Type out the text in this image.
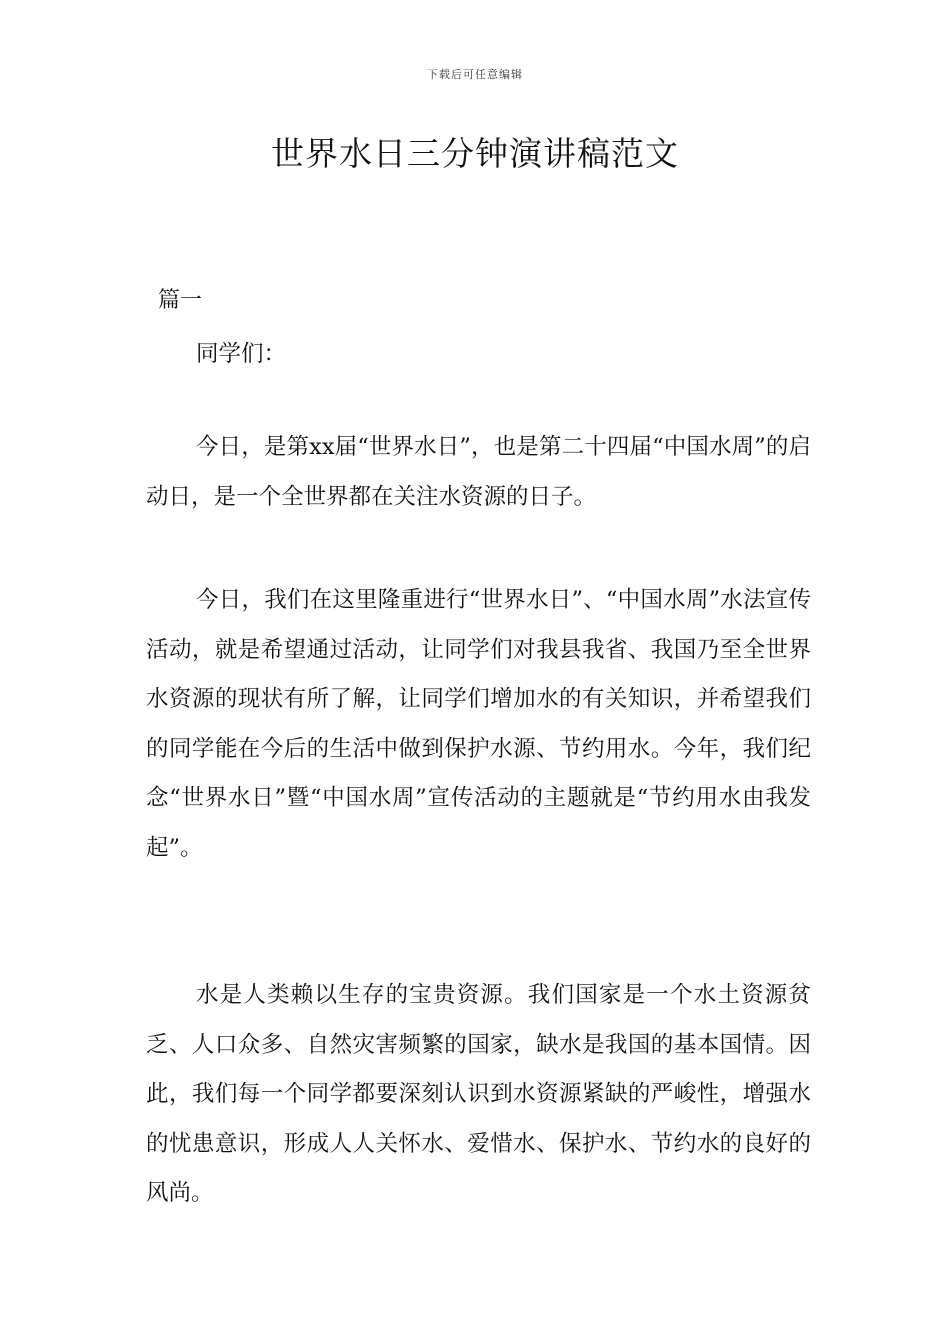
下载后可任意编辑
世界水日三分钟演讲稿范文
篇一

同学们：

今日，是第xx届“世界水日”，也是第二十四届“中国水周”的启动日，是一个全世界都在关注水资源的日子。

今日，我们在这里隆重进行“世界水日”、“中国水周”水法宣传活动，就是希望通过活动，让同学们对我县我省、我国乃至全世界水资源的现状有所了解，让同学们增加水的有关知识，并希望我们的同学能在今后的生活中做到保护水源、节约用水。今年，我们纪念“世界水日”暨“中国水周”宣传活动的主题就是“节约用水由我发起”。

水是人类赖以生存的宝贵资源。我们国家是一个水土资源贫乏、人口众多、自然灾害频繁的国家，缺水是我国的基本国情。因此，我们每一个同学都要深刻认识到水资源紧缺的严峻性，增强水的忧患意识，形成人人关怀水、爱惜水、保护水、节约水的良好的风尚。
